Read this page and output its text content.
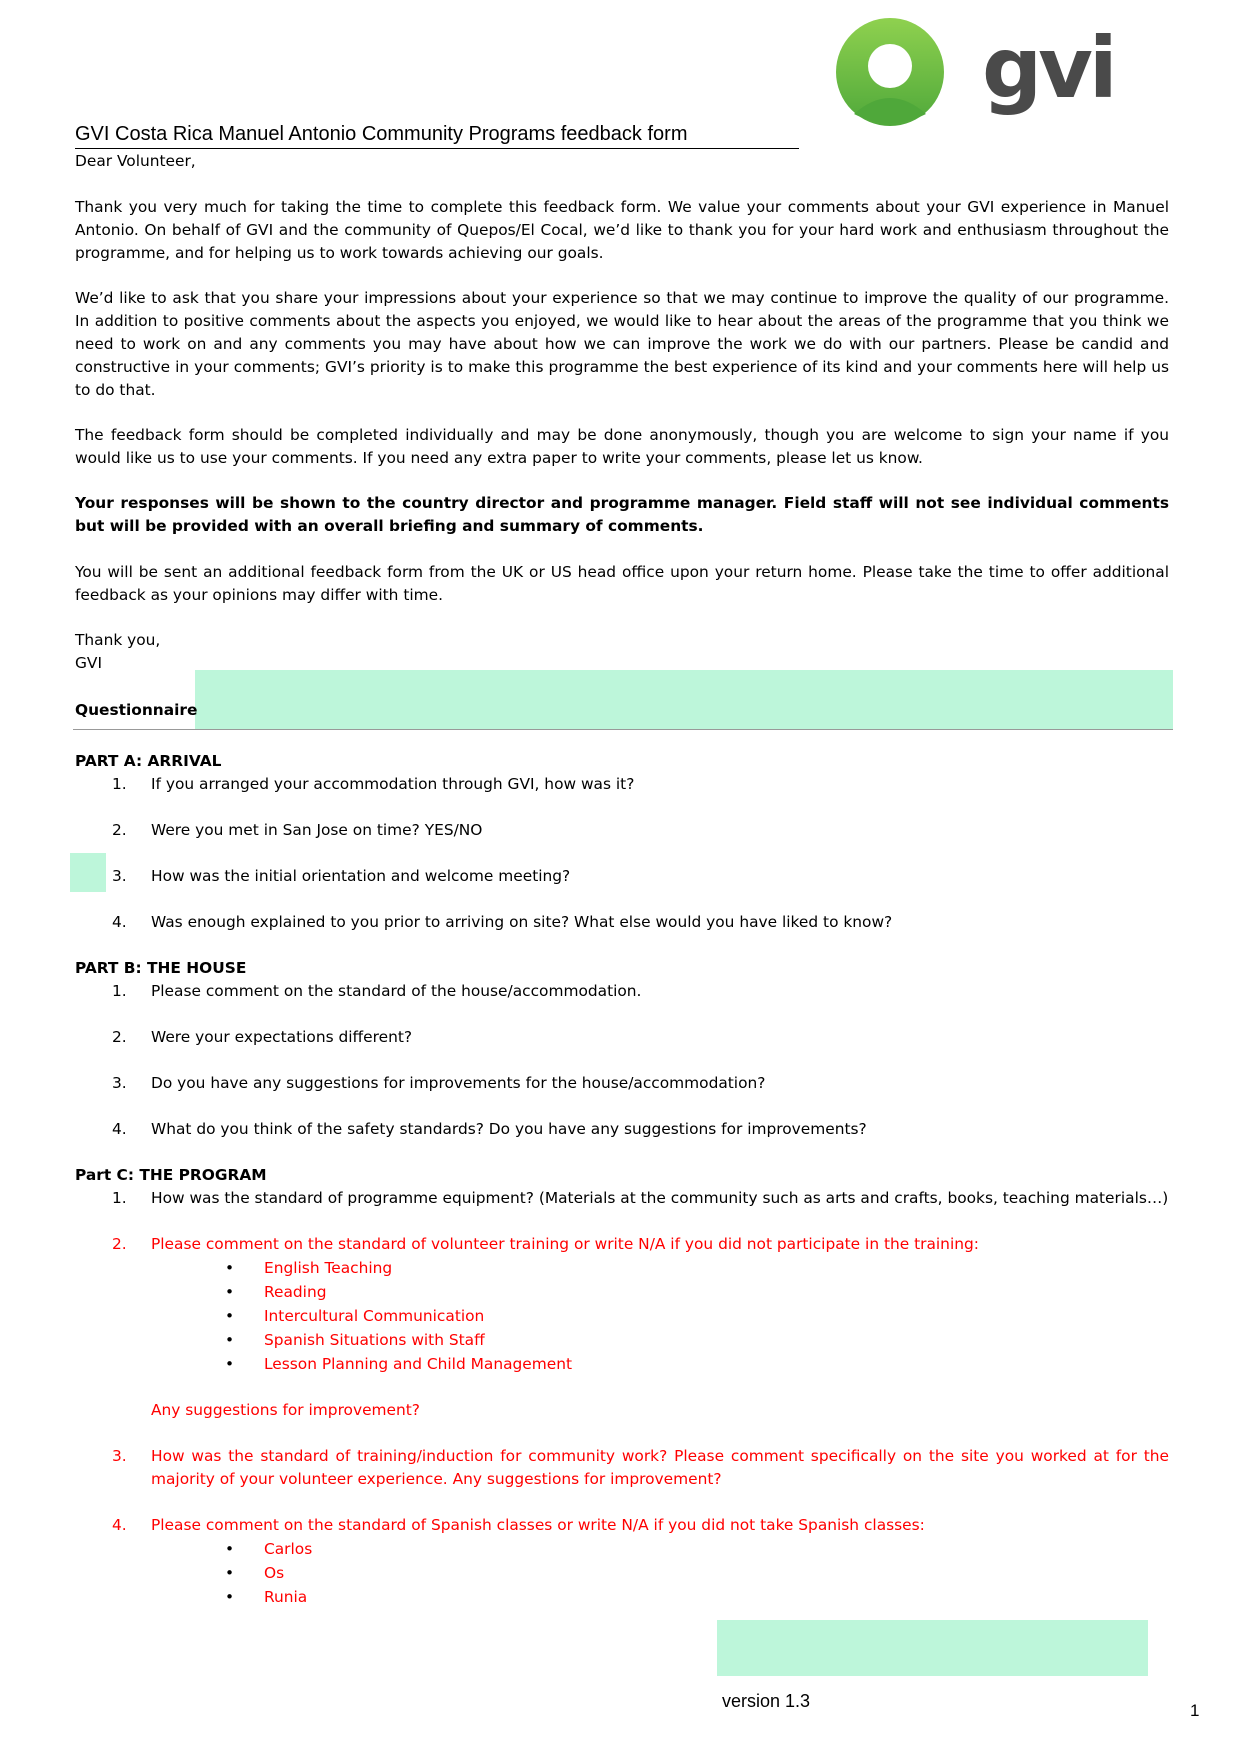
gvi
GVI Costa Rica Manuel Antonio Community Programs feedback form
Dear Volunteer,
Thank you very much for taking the time to complete this feedback form. We value your comments about your GVI experience in Manuel Antonio. On behalf of GVI and the community of Quepos/El Cocal, we’d like to thank you for your hard work and enthusiasm throughout the programme, and for helping us to work towards achieving our goals.
We’d like to ask that you share your impressions about your experience so that we may continue to improve the quality of our programme. In addition to positive comments about the aspects you enjoyed, we would like to hear about the areas of the programme that you think we need to work on and any comments you may have about how we can improve the work we do with our partners. Please be candid and constructive in your comments; GVI’s priority is to make this programme the best experience of its kind and your comments here will help us to do that.
The feedback form should be completed individually and may be done anonymously, though you are welcome to sign your name if you would like us to use your comments. If you need any extra paper to write your comments, please let us know.
Your responses will be shown to the country director and programme manager. Field staff will not see individual comments but will be provided with an overall briefing and summary of comments.
You will be sent an additional feedback form from the UK or US head office upon your return home. Please take the time to offer additional feedback as your opinions may differ with time.
Thank you,
GVI
Questionnaire
PART A: ARRIVAL
1. If you arranged your accommodation through GVI, how was it?
2. Were you met in San Jose on time? YES/NO
3. How was the initial orientation and welcome meeting?
4. Was enough explained to you prior to arriving on site? What else would you have liked to know?
PART B: THE HOUSE
1. Please comment on the standard of the house/accommodation.
2. Were your expectations different?
3. Do you have any suggestions for improvements for the house/accommodation?
4. What do you think of the safety standards? Do you have any suggestions for improvements?
Part C: THE PROGRAM
1. How was the standard of programme equipment? (Materials at the community such as arts and crafts, books, teaching materials…)
2. Please comment on the standard of volunteer training or write N/A if you did not participate in the training:
• English Teaching
• Reading
• Intercultural Communication
• Spanish Situations with Staff
• Lesson Planning and Child Management
Any suggestions for improvement?
3. How was the standard of training/induction for community work? Please comment specifically on the site you worked at for the majority of your volunteer experience. Any suggestions for improvement?
4. Please comment on the standard of Spanish classes or write N/A if you did not take Spanish classes:
• Carlos
• Os
• Runia
version 1.3	1
